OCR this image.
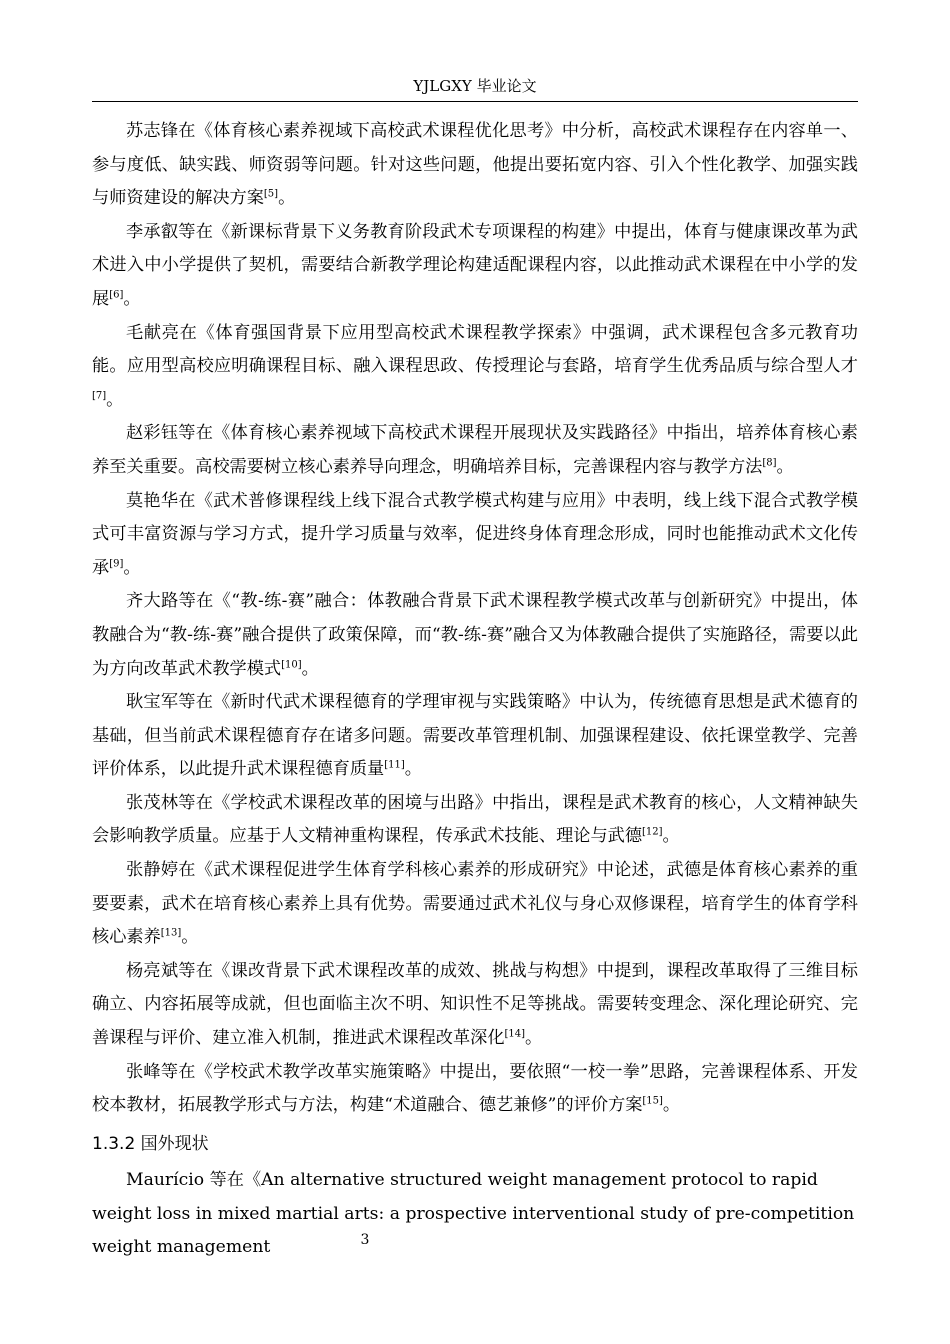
YJLGXY 毕业论文

苏志锋在《体育核心素养视域下高校武术课程优化思考》中分析，高校武术课程存在内容单一、参与度低、缺实践、师资弱等问题。针对这些问题，他提出要拓宽内容、引入个性化教学、加强实践与师资建设的解决方案[5]。

李承叡等在《新课标背景下义务教育阶段武术专项课程的构建》中提出，体育与健康课改革为武术进入中小学提供了契机，需要结合新教学理论构建适配课程内容，以此推动武术课程在中小学的发展[6]。

毛献亮在《体育强国背景下应用型高校武术课程教学探索》中强调，武术课程包含多元教育功能。应用型高校应明确课程目标、融入课程思政、传授理论与套路，培育学生优秀品质与综合型人才[7]。

赵彩钰等在《体育核心素养视域下高校武术课程开展现状及实践路径》中指出，培养体育核心素养至关重要。高校需要树立核心素养导向理念，明确培养目标，完善课程内容与教学方法[8]。

莫艳华在《武术普修课程线上线下混合式教学模式构建与应用》中表明，线上线下混合式教学模式可丰富资源与学习方式，提升学习质量与效率，促进终身体育理念形成，同时也能推动武术文化传承[9]。

齐大路等在《“教-练-赛”融合：体教融合背景下武术课程教学模式改革与创新研究》中提出，体教融合为“教-练-赛”融合提供了政策保障，而“教-练-赛”融合又为体教融合提供了实施路径，需要以此为方向改革武术教学模式[10]。

耿宝军等在《新时代武术课程德育的学理审视与实践策略》中认为，传统德育思想是武术德育的基础，但当前武术课程德育存在诸多问题。需要改革管理机制、加强课程建设、依托课堂教学、完善评价体系，以此提升武术课程德育质量[11]。

张茂林等在《学校武术课程改革的困境与出路》中指出，课程是武术教育的核心，人文精神缺失会影响教学质量。应基于人文精神重构课程，传承武术技能、理论与武德[12]。

张静婷在《武术课程促进学生体育学科核心素养的形成研究》中论述，武德是体育核心素养的重要要素，武术在培育核心素养上具有优势。需要通过武术礼仪与身心双修课程，培育学生的体育学科核心素养[13]。

杨亮斌等在《课改背景下武术课程改革的成效、挑战与构想》中提到，课程改革取得了三维目标确立、内容拓展等成就，但也面临主次不明、知识性不足等挑战。需要转变理念、深化理论研究、完善课程与评价、建立准入机制，推进武术课程改革深化[14]。

张峰等在《学校武术教学改革实施策略》中提出，要依照“一校一拳”思路，完善课程体系、开发校本教材，拓展教学形式与方法，构建“术道融合、德艺兼修”的评价方案[15]。

1.3.2 国外现状

Maurício 等在《An alternative structured weight management protocol to rapid weight loss in mixed martial arts: a prospective interventional study of pre-competition weight management	3
